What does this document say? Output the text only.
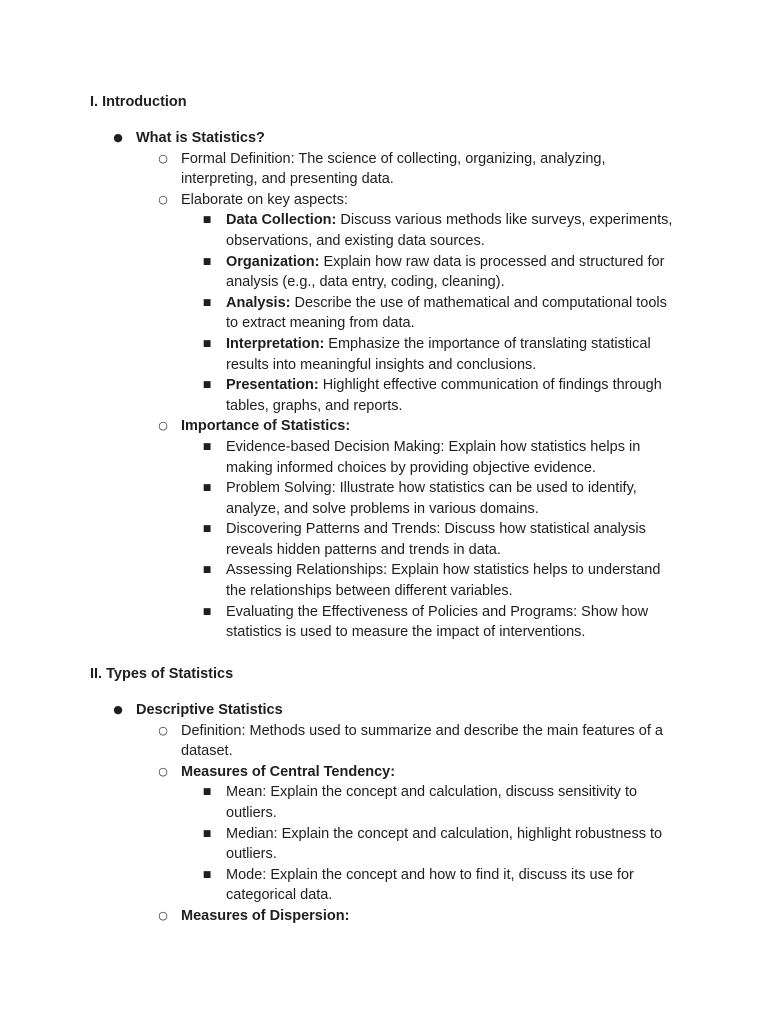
I. Introduction
● What is Statistics?
○ Formal Definition: The science of collecting, organizing, analyzing, interpreting, and presenting data.
○ Elaborate on key aspects:
■ Data Collection: Discuss various methods like surveys, experiments, observations, and existing data sources.
■ Organization: Explain how raw data is processed and structured for analysis (e.g., data entry, coding, cleaning).
■ Analysis: Describe the use of mathematical and computational tools to extract meaning from data.
■ Interpretation: Emphasize the importance of translating statistical results into meaningful insights and conclusions.
■ Presentation: Highlight effective communication of findings through tables, graphs, and reports.
○ Importance of Statistics:
■ Evidence-based Decision Making: Explain how statistics helps in making informed choices by providing objective evidence.
■ Problem Solving: Illustrate how statistics can be used to identify, analyze, and solve problems in various domains.
■ Discovering Patterns and Trends: Discuss how statistical analysis reveals hidden patterns and trends in data.
■ Assessing Relationships: Explain how statistics helps to understand the relationships between different variables.
■ Evaluating the Effectiveness of Policies and Programs: Show how statistics is used to measure the impact of interventions.
II. Types of Statistics
● Descriptive Statistics
○ Definition: Methods used to summarize and describe the main features of a dataset.
○ Measures of Central Tendency:
■ Mean: Explain the concept and calculation, discuss sensitivity to outliers.
■ Median: Explain the concept and calculation, highlight robustness to outliers.
■ Mode: Explain the concept and how to find it, discuss its use for categorical data.
○ Measures of Dispersion:
